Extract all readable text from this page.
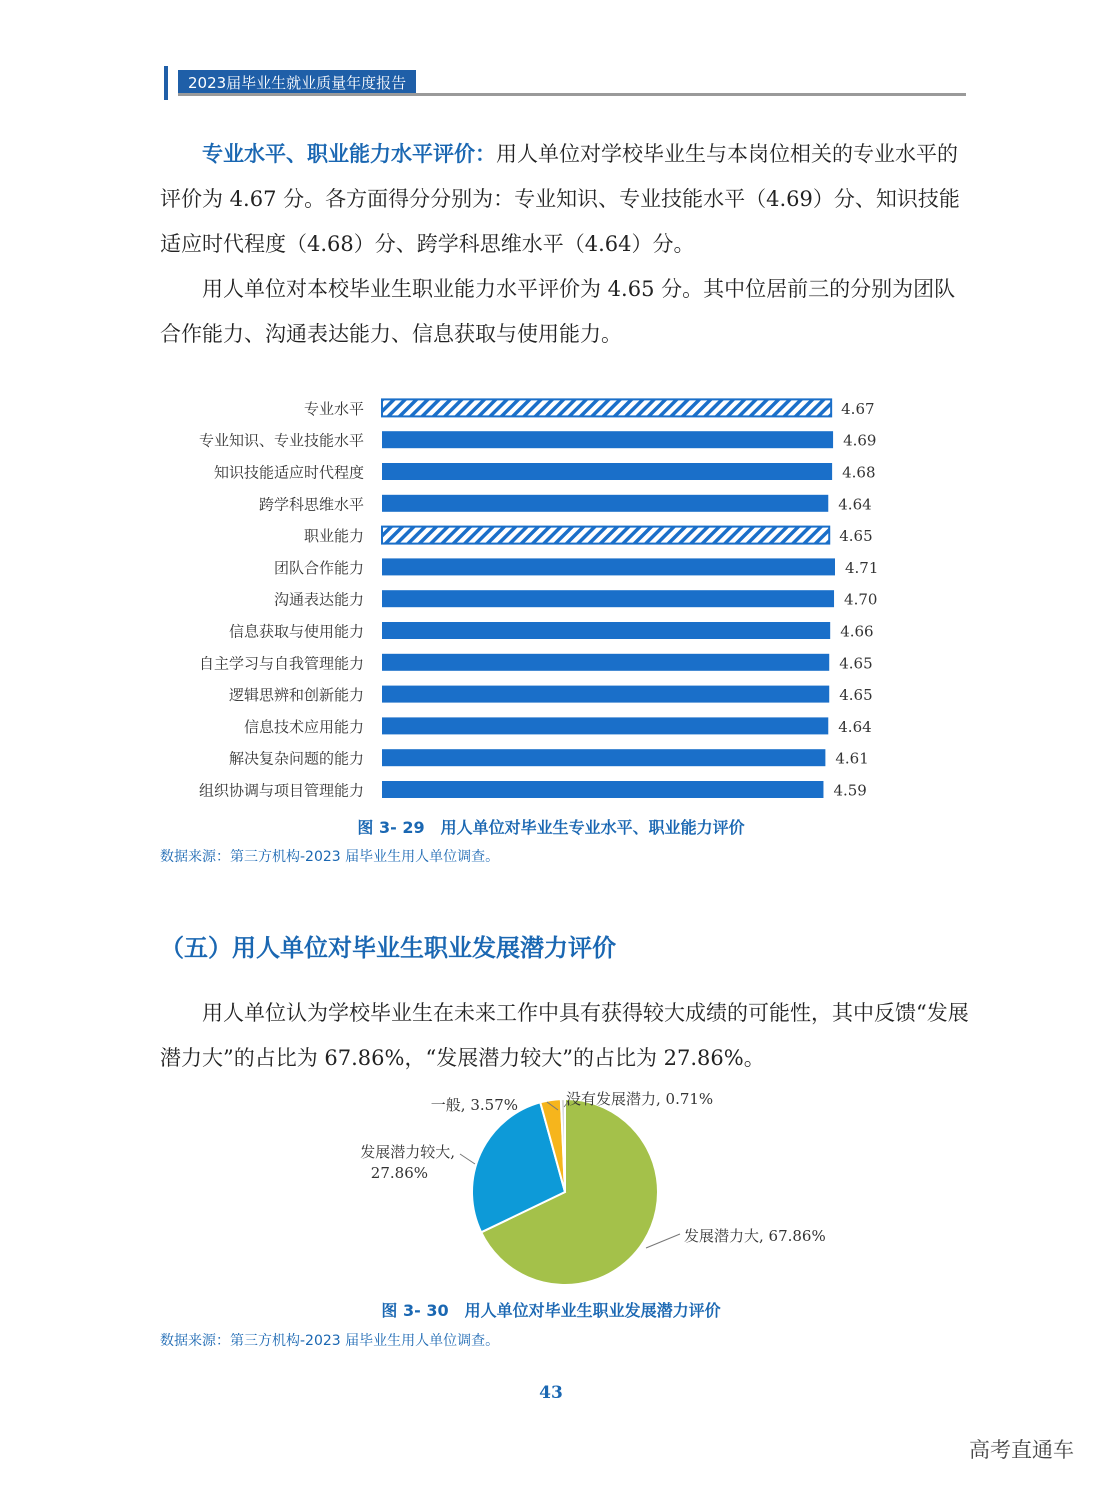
2023届毕业生就业质量年度报告

专业水平、职业能力水平评价：用人单位对学校毕业生与本岗位相关的专业水平的评价为 4.67 分。各方面得分分别为：专业知识、专业技能水平（4.69）分、知识技能适应时代程度（4.68）分、跨学科思维水平（4.64）分。

用人单位对本校毕业生职业能力水平评价为 4.65 分。其中位居前三的分别为团队合作能力、沟通表达能力、信息获取与使用能力。

专业水平	4.67
专业知识、专业技能水平	4.69
知识技能适应时代程度	4.68
跨学科思维水平	4.64
职业能力	4.65
团队合作能力	4.71
沟通表达能力	4.70
信息获取与使用能力	4.66
自主学习与自我管理能力	4.65
逻辑思辨和创新能力	4.65
信息技术应用能力	4.64
解决复杂问题的能力	4.61
组织协调与项目管理能力	4.59
图 3- 29　用人单位对毕业生专业水平、职业能力评价
数据来源：第三方机构-2023 届毕业生用人单位调查。
（五）用人单位对毕业生职业发展潜力评价

用人单位认为学校毕业生在未来工作中具有获得较大成绩的可能性，其中反馈“发展潜力大”的占比为 67.86%，“发展潜力较大”的占比为 27.86%。

一般, 3.57%	没有发展潜力, 0.71%
发展潜力较大,
27.86%
发展潜力大, 67.86%
图 3- 30　用人单位对毕业生职业发展潜力评价
数据来源：第三方机构-2023 届毕业生用人单位调查。
43
高考直通车
